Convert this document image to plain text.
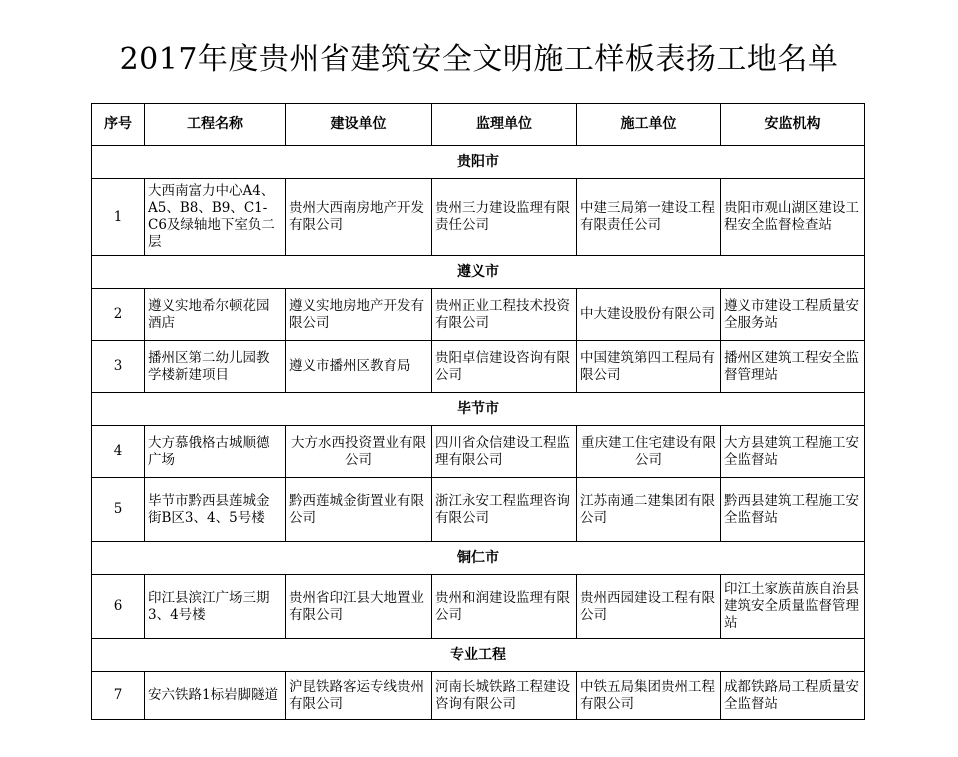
2017年度贵州省建筑安全文明施工样板表扬工地名单
序号	工程名称	建设单位	监理单位	施工单位	安监机构
贵阳市					
1	大西南富力中心A4、A5、B8、B9、C1-C6及绿轴地下室负二层	贵州大西南房地产开发有限公司	贵州三力建设监理有限责任公司	中建三局第一建设工程有限责任公司	贵阳市观山湖区建设工程安全监督检查站
遵义市					
2	遵义实地希尔顿花园酒店	遵义实地房地产开发有限公司	贵州正业工程技术投资有限公司	中大建设股份有限公司	遵义市建设工程质量安全服务站
3	播州区第二幼儿园教学楼新建项目	遵义市播州区教育局	贵阳卓信建设咨询有限公司	中国建筑第四工程局有限公司	播州区建筑工程安全监督管理站
毕节市					
4	大方慕俄格古城顺德广场	大方水西投资置业有限公司	四川省众信建设工程监理有限公司	重庆建工住宅建设有限公司	大方县建筑工程施工安全监督站
5	毕节市黔西县莲城金街B区3、4、5号楼	黔西莲城金街置业有限公司	浙江永安工程监理咨询有限公司	江苏南通二建集团有限公司	黔西县建筑工程施工安全监督站
铜仁市					
6	印江县滨江广场三期3、4号楼	贵州省印江县大地置业有限公司	贵州和润建设监理有限公司	贵州西园建设工程有限公司	印江土家族苗族自治县建筑安全质量监督管理站
专业工程					
7	安六铁路1标岩脚隧道	沪昆铁路客运专线贵州有限公司	河南长城铁路工程建设咨询有限公司	中铁五局集团贵州工程有限公司	成都铁路局工程质量安全监督站
